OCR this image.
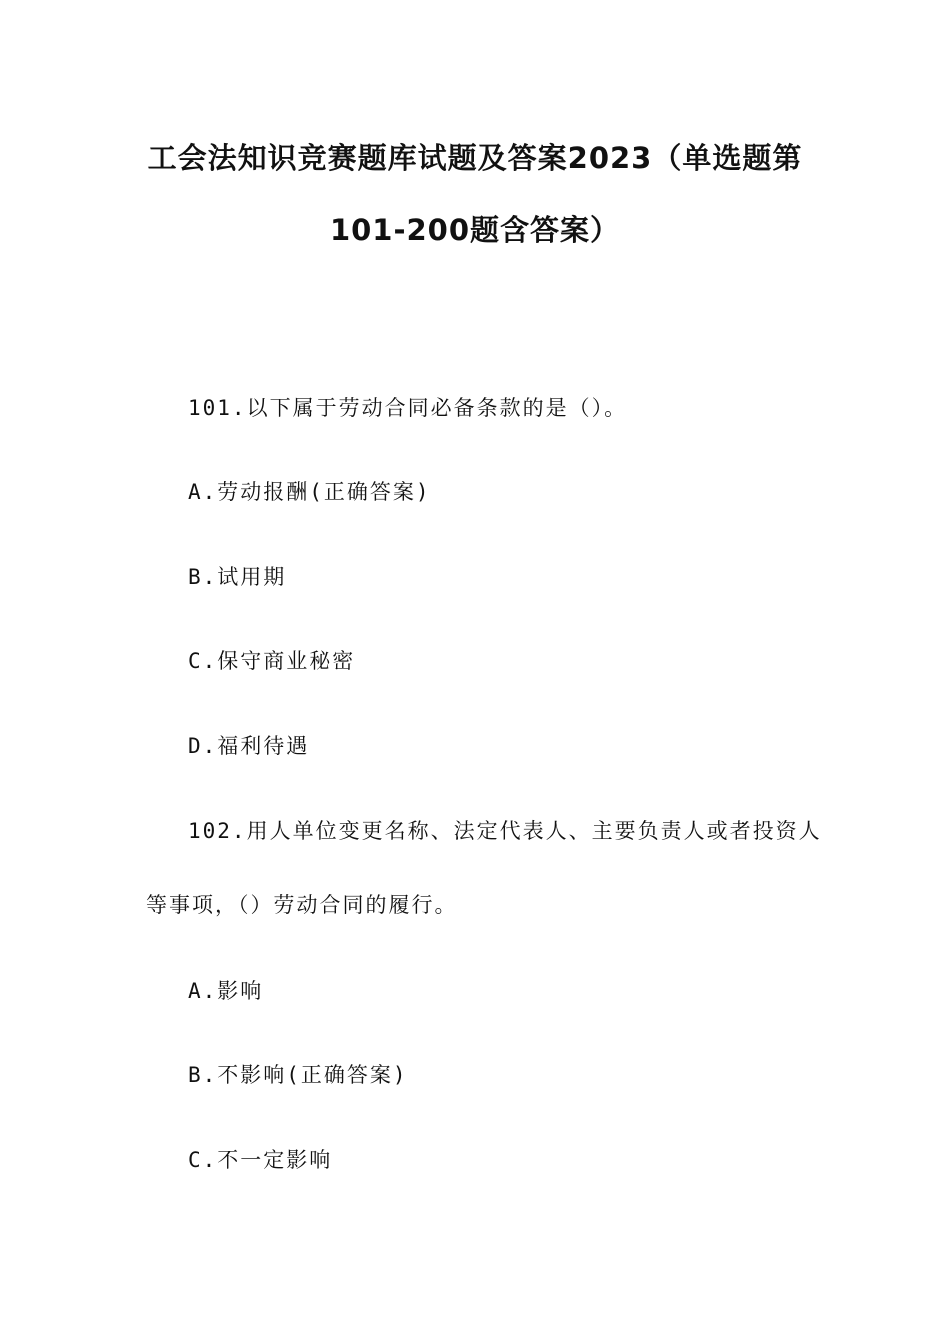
工会法知识竞赛题库试题及答案2023（单选题第
101-200题含答案）
101.以下属于劳动合同必备条款的是（）。
A.劳动报酬(正确答案)
B.试用期
C.保守商业秘密
D.福利待遇
102.用人单位变更名称、法定代表人、主要负责人或者投资人
等事项，（）劳动合同的履行。
A.影响
B.不影响(正确答案)
C.不一定影响
